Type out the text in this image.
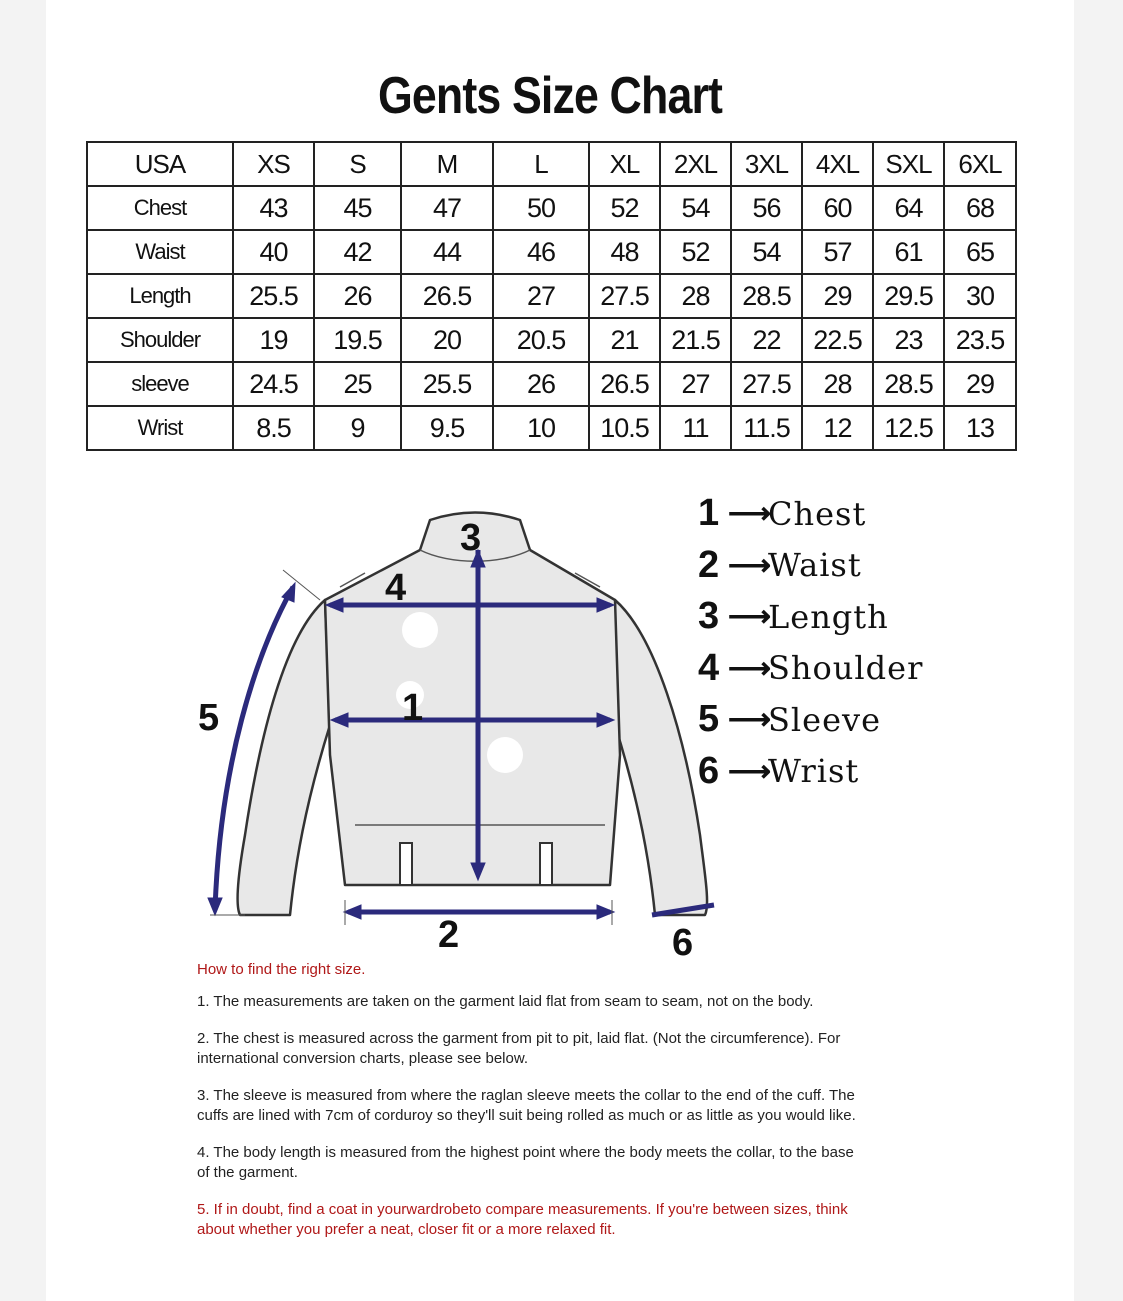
Gents Size Chart
USA	XS	S	M	L	XL	2XL	3XL	4XL	SXL	6XL
Chest	43	45	47	50	52	54	56	60	64	68
Waist	40	42	44	46	48	52	54	57	61	65
Length	25.5	26	26.5	27	27.5	28	28.5	29	29.5	30
Shoulder	19	19.5	20	20.5	21	21.5	22	22.5	23	23.5
sleeve	24.5	25	25.5	26	26.5	27	27.5	28	28.5	29
Wrist	8.5	9	9.5	10	10.5	11	11.5	12	12.5	13
3
4
1
5
2	6
1 ⟶
Chest
2 ⟶
Waist
3 ⟶
Length
4 ⟶
Shoulder
5 ⟶
Sleeve
6 ⟶
Wrist
How to find the right size.

1. The measurements are taken on the garment laid flat from seam to seam, not on the body.

2. The chest is measured across the garment from pit to pit, laid flat. (Not the circumference). For international conversion charts, please see below.

3. The sleeve is measured from where the raglan sleeve meets the collar to the end of the cuff. The cuffs are lined with 7cm of corduroy so they'll suit being rolled as much or as little as you would like.

4. The body length is measured from the highest point where the body meets the collar, to the base of the garment.

5. If in doubt, find a coat in yourwardrobeto compare measurements. If you're between sizes, think about whether you prefer a neat, closer fit or a more relaxed fit.
